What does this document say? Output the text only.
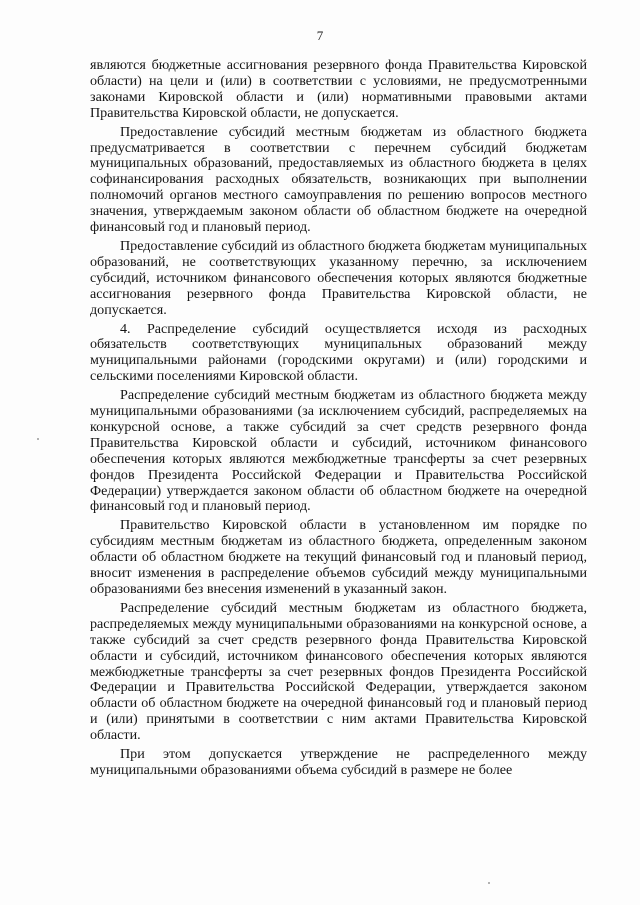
7

являются бюджетные ассигнования резервного фонда Правительства Кировской области) на цели и (или) в соответствии с условиями, не предусмотренными законами Кировской области и (или) нормативными правовыми актами Правительства Кировской области, не допускается.

Предоставление субсидий местным бюджетам из областного бюджета предусматривается в соответствии с перечнем субсидий бюджетам муниципальных образований, предоставляемых из областного бюджета в целях софинансирования расходных обязательств, возникающих при выполнении полномочий органов местного самоуправления по решению вопросов местного значения, утверждаемым законом области об областном бюджете на очередной финансовый год и плановый период.

Предоставление субсидий из областного бюджета бюджетам муниципальных образований, не соответствующих указанному перечню, за исключением субсидий, источником финансового обеспечения которых являются бюджетные ассигнования резервного фонда Правительства Кировской области, не допускается.

4. Распределение субсидий осуществляется исходя из расходных обязательств соответствующих муниципальных образований между муниципальными районами (городскими округами) и (или) городскими и сельскими поселениями Кировской области.

Распределение субсидий местным бюджетам из областного бюджета между муниципальными образованиями (за исключением субсидий, распределяемых на конкурсной основе, а также субсидий за счет средств резервного фонда Правительства Кировской области и субсидий, источником финансового обеспечения которых являются межбюджетные трансферты за счет резервных фондов Президента Российской Федерации и Правительства Российской Федерации) утверждается законом области об областном бюджете на очередной финансовый год и плановый период.

Правительство Кировской области в установленном им порядке по субсидиям местным бюджетам из областного бюджета, определенным законом области об областном бюджете на текущий финансовый год и плановый период, вносит изменения в распределение объемов субсидий между муниципальными образованиями без внесения изменений в указанный закон.

Распределение субсидий местным бюджетам из областного бюджета, распределяемых между муниципальными образованиями на конкурсной основе, а также субсидий за счет средств резервного фонда Правительства Кировской области и субсидий, источником финансового обеспечения которых являются межбюджетные трансферты за счет резервных фондов Президента Российской Федерации и Правительства Российской Федерации, утверждается законом области об областном бюджете на очередной финансовый год и плановый период и (или) принятыми в соответствии с ним актами Правительства Кировской области.

При этом допускается утверждение не распределенного между муниципальными образованиями объема субсидий в размере не более
